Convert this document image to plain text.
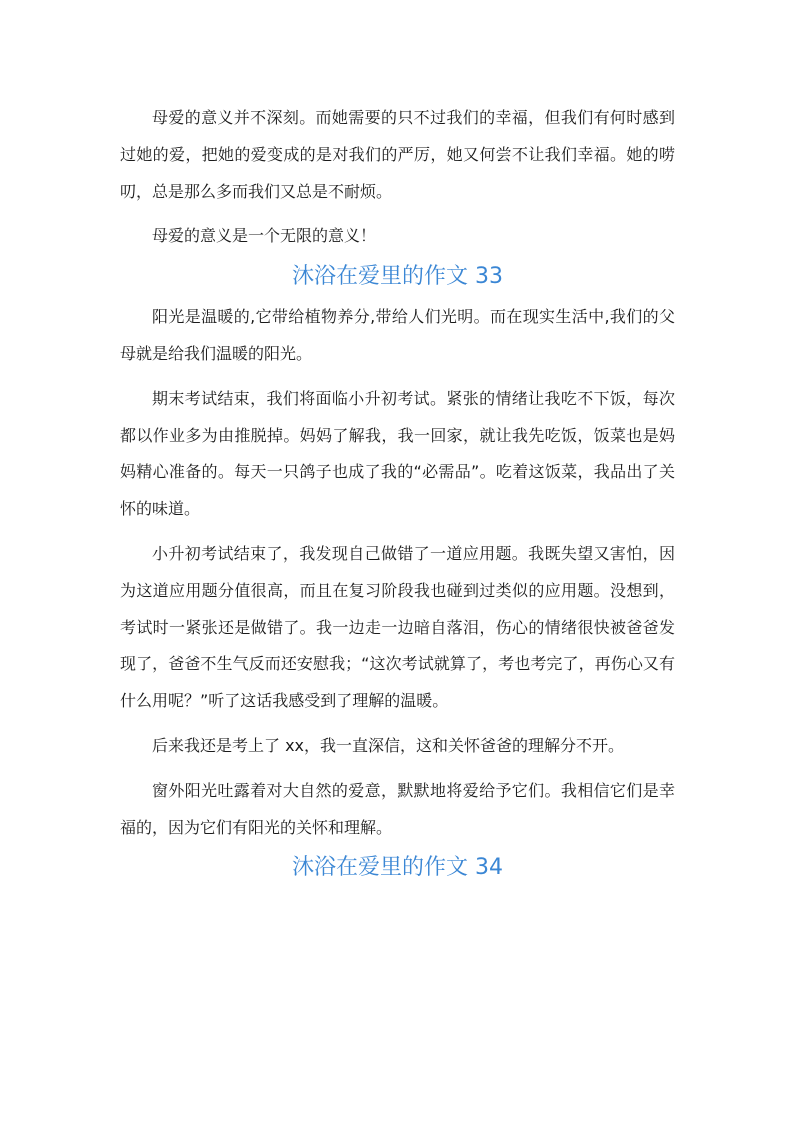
母爱的意义并不深刻。而她需要的只不过我们的幸福，但我们有何时感到过她的爱，把她的爱变成的是对我们的严厉，她又何尝不让我们幸福。她的唠叨，总是那么多而我们又总是不耐烦。

母爱的意义是一个无限的意义！

沐浴在爱里的作文 33

阳光是温暖的,它带给植物养分,带给人们光明。而在现实生活中,我们的父母就是给我们温暖的阳光。

期末考试结束，我们将面临小升初考试。紧张的情绪让我吃不下饭，每次都以作业多为由推脱掉。妈妈了解我，我一回家，就让我先吃饭，饭菜也是妈妈精心准备的。每天一只鸽子也成了我的“必需品”。吃着这饭菜，我品出了关怀的味道。

小升初考试结束了，我发现自己做错了一道应用题。我既失望又害怕，因为这道应用题分值很高，而且在复习阶段我也碰到过类似的应用题。没想到，考试时一紧张还是做错了。我一边走一边暗自落泪，伤心的情绪很快被爸爸发现了，爸爸不生气反而还安慰我；“这次考试就算了，考也考完了，再伤心又有什么用呢？”听了这话我感受到了理解的温暖。

后来我还是考上了 xx，我一直深信，这和关怀爸爸的理解分不开。

窗外阳光吐露着对大自然的爱意，默默地将爱给予它们。我相信它们是幸福的，因为它们有阳光的关怀和理解。

沐浴在爱里的作文 34
